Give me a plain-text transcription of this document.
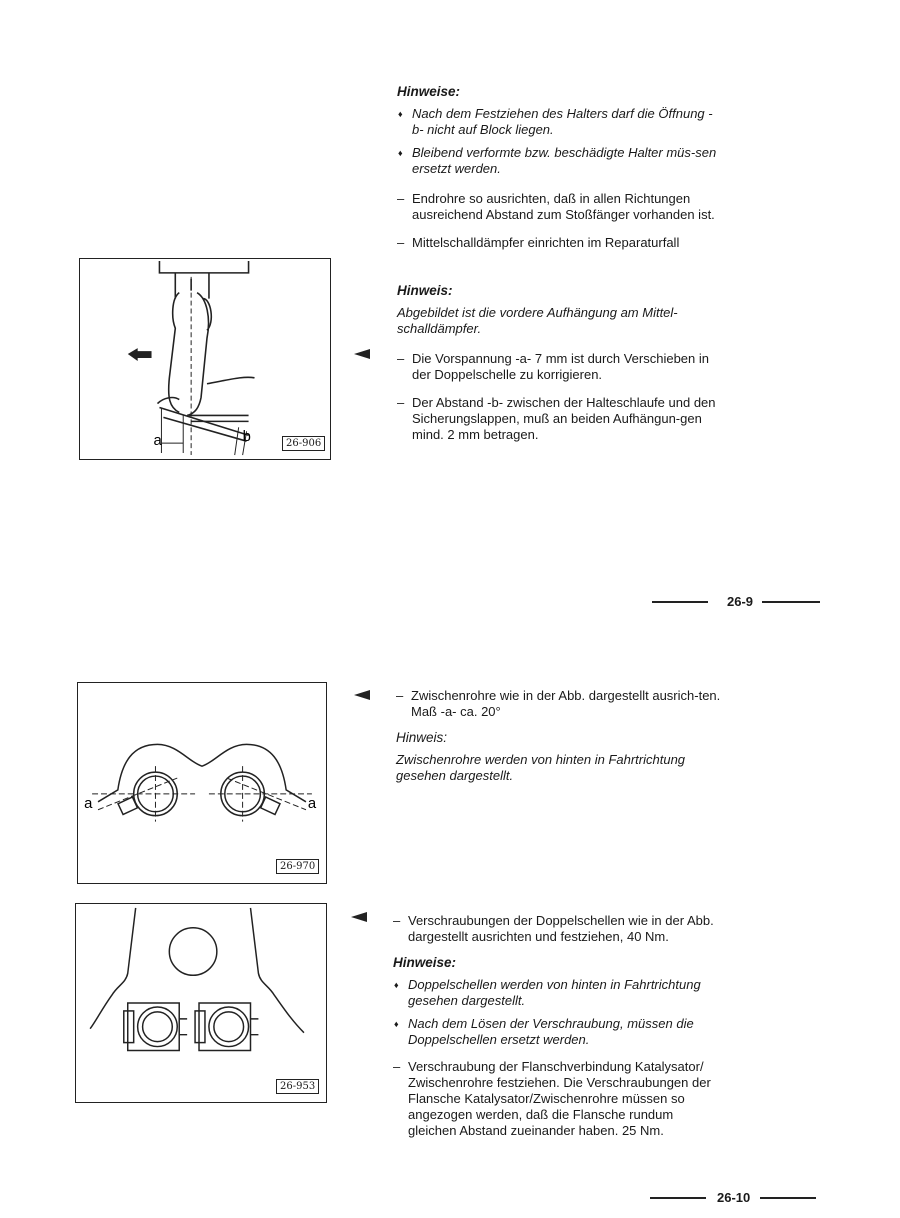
Hinweise:
♦ Nach dem Festziehen des Halters darf die Öffnung -b- nicht auf Block liegen.
♦ Bleibend verformte bzw. beschädigte Halter müs-sen ersetzt werden.
– Endrohre so ausrichten, daß in allen Richtungen ausreichend Abstand zum Stoßfänger vorhanden ist.
– Mittelschalldämpfer einrichten im Reparaturfall
Hinweis:
Abgebildet ist die vordere Aufhängung am Mittel-schalldämpfer.
– Die Vorspannung -a- 7 mm ist durch Verschieben in der Doppelschelle zu korrigieren.
– Der Abstand -b- zwischen der Halteschlaufe und den Sicherungslappen, muß an beiden Aufhängun-gen mind. 2 mm betragen.
a	b	26-906
26-9
– Zwischenrohre wie in der Abb. dargestellt ausrich-ten.
Maß -a- ca. 20°
Hinweis:
Zwischenrohre werden von hinten in Fahrtrichtung gesehen dargestellt.
a	a
26-970
– Verschraubungen der Doppelschellen wie in der Abb. dargestellt ausrichten und festziehen, 40 Nm.
Hinweise:
♦ Doppelschellen werden von hinten in Fahrtrichtung gesehen dargestellt.
♦ Nach dem Lösen der Verschraubung, müssen die Doppelschellen ersetzt werden.
– Verschraubung der Flanschverbindung Katalysator/ Zwischenrohre festziehen. Die Verschraubungen der Flansche Katalysator/Zwischenrohre müssen so angezogen werden, daß die Flansche rundum gleichen Abstand zueinander haben. 25 Nm.
26-953
26-10
